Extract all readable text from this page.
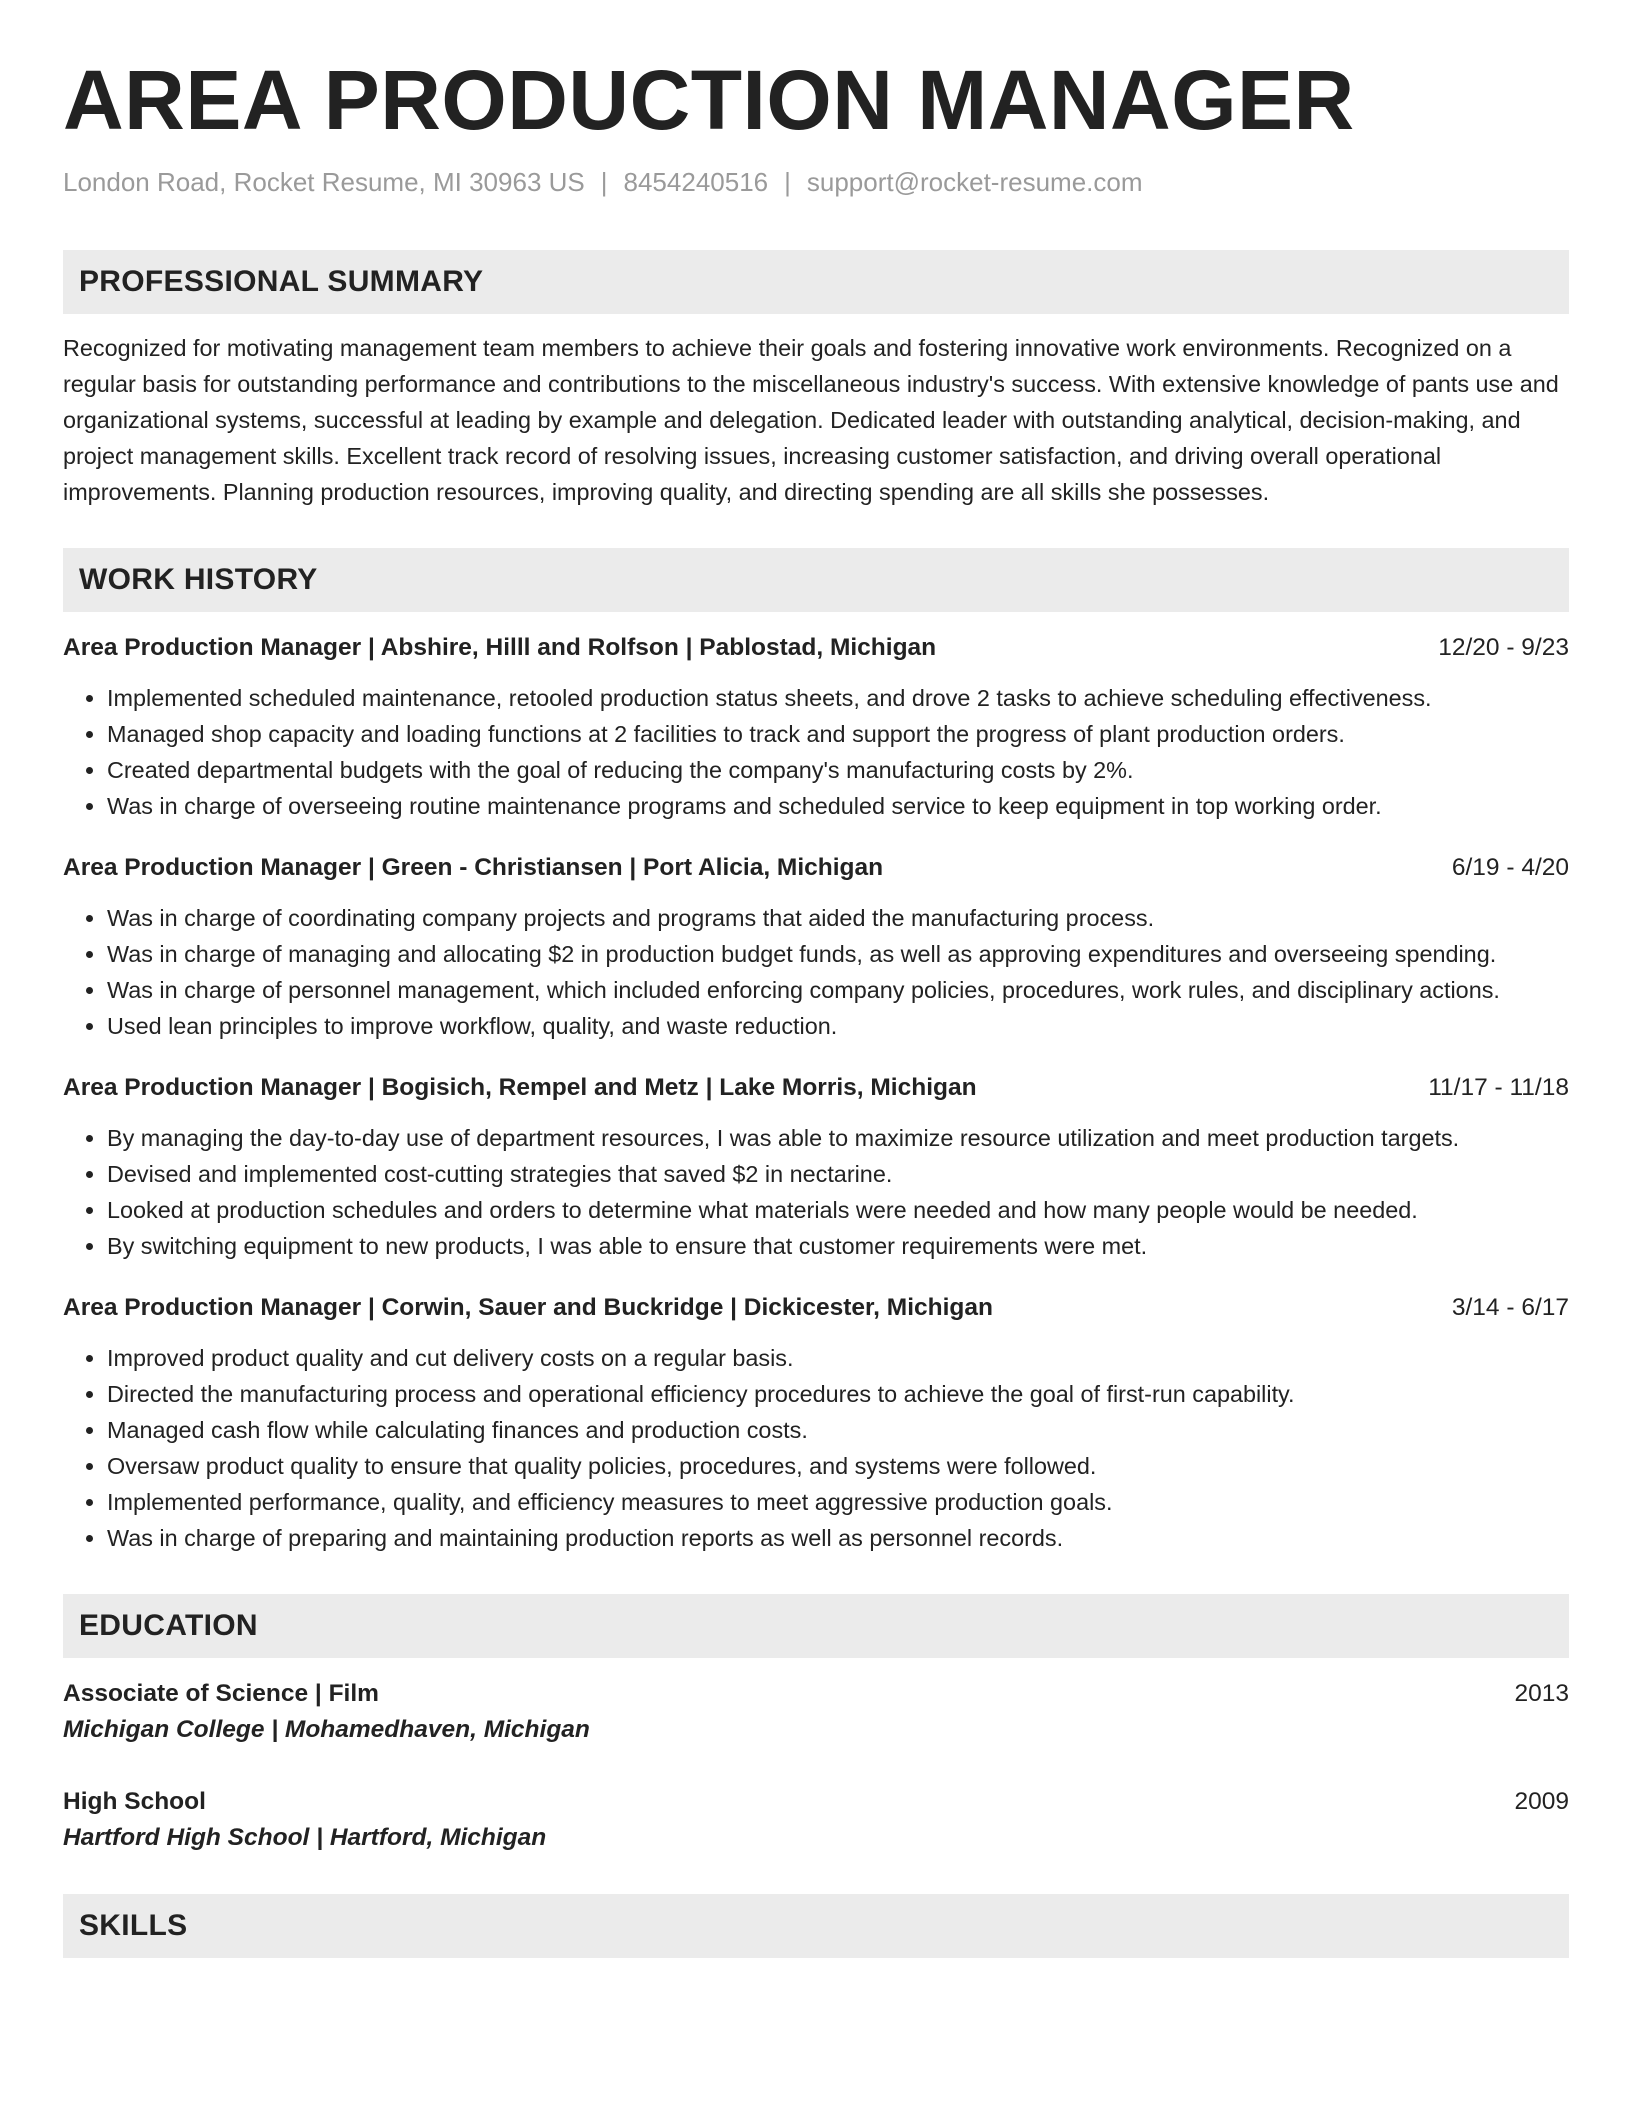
AREA PRODUCTION MANAGER
London Road, Rocket Resume, MI 30963 US | 8454240516 | support@rocket-resume.com
PROFESSIONAL SUMMARY
Recognized for motivating management team members to achieve their goals and fostering innovative work environments. Recognized on a regular basis for outstanding performance and contributions to the miscellaneous industry's success. With extensive knowledge of pants use and organizational systems, successful at leading by example and delegation. Dedicated leader with outstanding analytical, decision-making, and project management skills. Excellent track record of resolving issues, increasing customer satisfaction, and driving overall operational improvements. Planning production resources, improving quality, and directing spending are all skills she possesses.
WORK HISTORY
Area Production Manager | Abshire, Hilll and Rolfson | Pablostad, Michigan	12/20 - 9/23
• Implemented scheduled maintenance, retooled production status sheets, and drove 2 tasks to achieve scheduling effectiveness.
• Managed shop capacity and loading functions at 2 facilities to track and support the progress of plant production orders.
• Created departmental budgets with the goal of reducing the company's manufacturing costs by 2%.
• Was in charge of overseeing routine maintenance programs and scheduled service to keep equipment in top working order.
Area Production Manager | Green - Christiansen | Port Alicia, Michigan	6/19 - 4/20
• Was in charge of coordinating company projects and programs that aided the manufacturing process.
• Was in charge of managing and allocating $2 in production budget funds, as well as approving expenditures and overseeing spending.
• Was in charge of personnel management, which included enforcing company policies, procedures, work rules, and disciplinary actions.
• Used lean principles to improve workflow, quality, and waste reduction.
Area Production Manager | Bogisich, Rempel and Metz | Lake Morris, Michigan	11/17 - 11/18
• By managing the day-to-day use of department resources, I was able to maximize resource utilization and meet production targets.
• Devised and implemented cost-cutting strategies that saved $2 in nectarine.
• Looked at production schedules and orders to determine what materials were needed and how many people would be needed.
• By switching equipment to new products, I was able to ensure that customer requirements were met.
Area Production Manager | Corwin, Sauer and Buckridge | Dickicester, Michigan	3/14 - 6/17
• Improved product quality and cut delivery costs on a regular basis.
• Directed the manufacturing process and operational efficiency procedures to achieve the goal of first-run capability.
• Managed cash flow while calculating finances and production costs.
• Oversaw product quality to ensure that quality policies, procedures, and systems were followed.
• Implemented performance, quality, and efficiency measures to meet aggressive production goals.
• Was in charge of preparing and maintaining production reports as well as personnel records.
EDUCATION
Associate of Science | Film	2013
Michigan College | Mohamedhaven, Michigan
High School	2009
Hartford High School | Hartford, Michigan
SKILLS
